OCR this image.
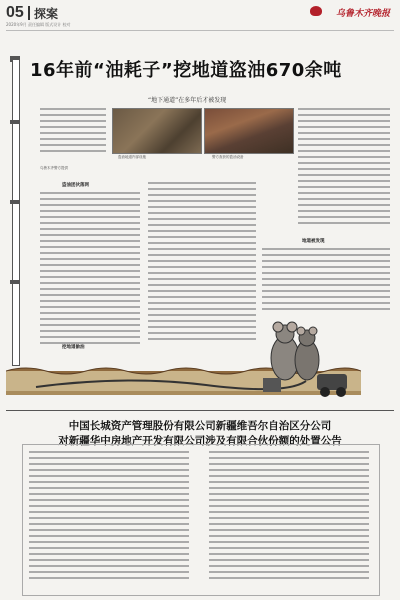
05 探案
2020年9月 责任编辑 版式设计 校对
乌鲁木齐晚报
16年前“油耗子”挖地道盗油670余吨
“地下通道”在多年后才被发现
盗油地道内部设施	警方查获的盗油设备
乌鲁木齐警方提供
盗油团伙落网
挖地道偷油
地道被发现
中国长城资产管理股份有限公司新疆维吾尔自治区分公司
对新疆华中房地产开发有限公司涉及有限合伙份额的处置公告
